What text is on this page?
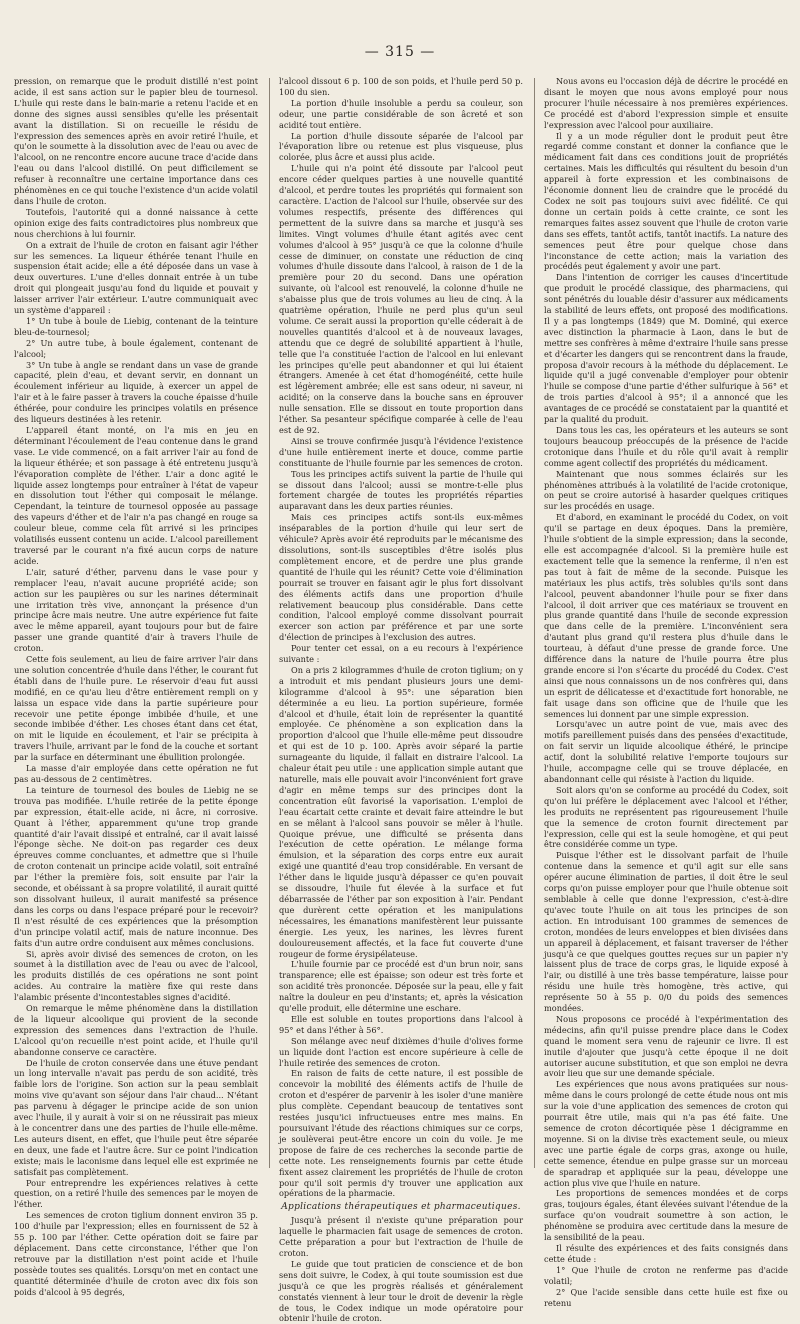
— 315 —

pression, on remarque que le produit distillé n'est point acide, il est sans action sur le papier bleu de tournesol. L'huile qui reste dans le bain-marie a retenu l'acide et en donne des signes aussi sensibles qu'elle les présentait avant la distillation. Si on recueille le résidu de l'expression des semences après en avoir retiré l'huile, et qu'on le soumette à la dissolution avec de l'eau ou avec de l'alcool, on ne rencontre encore aucune trace d'acide dans l'eau ou dans l'alcool distillé. On peut difficilement se refuser à reconnaître une certaine importance dans ces phénomènes en ce qui touche l'existence d'un acide volatil dans l'huile de croton.

Toutefois, l'autorité qui a donné naissance à cette opinion exige des faits contradictoires plus nombreux que nous cherchions à lui fournir.

On a extrait de l'huile de croton en faisant agir l'éther sur les semences. La liqueur éthérée tenant l'huile en suspension était acide; elle a été déposée dans un vase à deux ouvertures. L'une d'elles donnait entrée à un tube droit qui plongeait jusqu'au fond du liquide et pouvait y laisser arriver l'air extérieur. L'autre communiquait avec un système d'appareil :

1° Un tube à boule de Liebig, contenant de la teinture bleu-de-tournesol;

2° Un autre tube, à boule également, contenant de l'alcool;

3° Un tube à angle se rendant dans un vase de grande capacité, plein d'eau, et devant servir, en donnant un écoulement inférieur au liquide, à exercer un appel de l'air et à le faire passer à travers la couche épaisse d'huile éthérée, pour conduire les principes volatils en présence des liqueurs destinées à les retenir.

L'appareil étant monté, on l'a mis en jeu en déterminant l'écoulement de l'eau contenue dans le grand vase. Le vide commencé, on a fait arriver l'air au fond de la liqueur éthérée; et son passage à été entretenu jusqu'à l'évaporation complète de l'éther. L'air a donc agité le liquide assez longtemps pour entraîner à l'état de vapeur en dissolution tout l'éther qui composait le mélange. Cependant, la teinture de tournesol opposée au passage des vapeurs d'éther et de l'air n'a pas changé en rouge sa couleur bleue, comme cela fût arrivé si les principes volatilisés eussent contenu un acide. L'alcool pareillement traversé par le courant n'a fixé aucun corps de nature acide.

L'air, saturé d'éther, parvenu dans le vase pour y remplacer l'eau, n'avait aucune propriété acide; son action sur les paupières ou sur les narines déterminait une irritation très vive, annonçant la présence d'un principe âcre mais neutre. Une autre expérience fut faite avec le même appareil, ayant toujours pour but de faire passer une grande quantité d'air à travers l'huile de croton.

Cette fois seulement, au lieu de faire arriver l'air dans une solution concentrée d'huile dans l'éther, le courant fut établi dans de l'huile pure. Le réservoir d'eau fut aussi modifié, en ce qu'au lieu d'être entièrement rempli on y laissa un espace vide dans la partie supérieure pour recevoir une petite éponge imbibée d'huile, et une seconde imbibée d'éther. Les choses étant dans cet état, on mit le liquide en écoulement, et l'air se précipita à travers l'huile, arrivant par le fond de la couche et sortant par la surface en déterminant une ébullition prolongée.

La masse d'air employée dans cette opération ne fut pas au-dessous de 2 centimètres.

La teinture de tournesol des boules de Liebig ne se trouva pas modifiée. L'huile retirée de la petite éponge par expression, était-elle acide, ni âcre, ni corrosive. Quant à l'éther, apparemment qu'une trop grande quantité d'air l'avait dissipé et entraîné, car il avait laissé l'éponge sèche. Ne doit-on pas regarder ces deux épreuves comme concluantes, et admettre que si l'huile de croton contenait un principe acide volatil, soit entraîné par l'éther la première fois, soit ensuite par l'air la seconde, et obéissant à sa propre volatilité, il aurait quitté son dissolvant huileux, il aurait manifesté sa présence dans les corps ou dans l'espace préparé pour le recevoir? Il n'est résulté de ces expériences que la présomption d'un principe volatil actif, mais de nature inconnue. Des faits d'un autre ordre conduisent aux mêmes conclusions.

Si, après avoir divisé des semences de croton, on les soumet à la distillation avec de l'eau ou avec de l'alcool, les produits distillés de ces opérations ne sont point acides. Au contraire la matière fixe qui reste dans l'alambic présente d'incontestables signes d'acidité.

On remarque le même phénomène dans la distillation de la liqueur alcoolique qui provient de la seconde expression des semences dans l'extraction de l'huile. L'alcool qu'on recueille n'est point acide, et l'huile qu'il abandonne conserve ce caractère.

De l'huile de croton conservée dans une étuve pendant un long intervalle n'avait pas perdu de son acidité, très faible lors de l'origine. Son action sur la peau semblait moins vive qu'avant son séjour dans l'air chaud... N'étant pas parvenu à dégager le principe acide de son union avec l'huile, il y aurait à voir si on ne réussirait pas mieux à le concentrer dans une des parties de l'huile elle-même. Les auteurs disent, en effet, que l'huile peut être séparée en deux, une fade et l'autre âcre. Sur ce point l'indication existe; mais le laconisme dans lequel elle est exprimée ne satisfait pas complètement.

Pour entreprendre les expériences relatives à cette question, on a retiré l'huile des semences par le moyen de l'éther.

Les semences de croton tiglium donnent environ 35 p. 100 d'huile par l'expression; elles en fournissent de 52 à 55 p. 100 par l'éther. Cette opération doit se faire par déplacement. Dans cette circonstance, l'éther que l'on retrouve par la distillation n'est point acide et l'huile possède toutes ses qualités. Lorsqu'on met en contact une quantité déterminée d'huile de croton avec dix fois son poids d'alcool à 95 degrés,

l'alcool dissout 6 p. 100 de son poids, et l'huile perd 50 p. 100 du sien.

La portion d'huile insoluble a perdu sa couleur, son odeur, une partie considérable de son âcreté et son acidité tout entière.

La portion d'huile dissoute séparée de l'alcool par l'évaporation libre ou retenue est plus visqueuse, plus colorée, plus âcre et aussi plus acide.

L'huile qui n'a point été dissoute par l'alcool peut encore céder quelques parties à une nouvelle quantité d'alcool, et perdre toutes les propriétés qui formaient son caractère. L'action de l'alcool sur l'huile, observée sur des volumes respectifs, présente des différences qui permettent de la suivre dans sa marche et jusqu'à ses limites. Vingt volumes d'huile étant agités avec cent volumes d'alcool à 95° jusqu'à ce que la colonne d'huile cesse de diminuer, on constate une réduction de cinq volumes d'huile dissoute dans l'alcool, à raison de 1 de la première pour 20 du second. Dans une opération suivante, où l'alcool est renouvelé, la colonne d'huile ne s'abaisse plus que de trois volumes au lieu de cinq. À la quatrième opération, l'huile ne perd plus qu'un seul volume. Ce serait aussi la proportion qu'elle céderait à de nouvelles quantités d'alcool et à de nouveaux lavages, attendu que ce degré de solubilité appartient à l'huile, telle que l'a constituée l'action de l'alcool en lui enlevant les principes qu'elle peut abandonner et qui lui étaient étrangers. Amenée à cet état d'homogénéité, cette huile est légèrement ambrée; elle est sans odeur, ni saveur, ni acidité; on la conserve dans la bouche sans en éprouver nulle sensation. Elle se dissout en toute proportion dans l'éther. Sa pesanteur spécifique comparée à celle de l'eau est de 92.

Ainsi se trouve confirmée jusqu'à l'évidence l'existence d'une huile entièrement inerte et douce, comme partie constituante de l'huile fournie par les semences de croton.

Tous les principes actifs suivent la partie de l'huile qui se dissout dans l'alcool; aussi se montre-t-elle plus fortement chargée de toutes les propriétés réparties auparavant dans les deux parties réunies.

Mais ces principes actifs sont-ils eux-mêmes inséparables de la portion d'huile qui leur sert de véhicule? Après avoir été reproduits par le mécanisme des dissolutions, sont-ils susceptibles d'être isolés plus complètement encore, et de perdre une plus grande quantité de l'huile qui les réunit? Cette voie d'élimination pourrait se trouver en faisant agir le plus fort dissolvant des éléments actifs dans une proportion d'huile relativement beaucoup plus considérable. Dans cette condition, l'alcool employé comme dissolvant pourrait exercer son action par préférence et par une sorte d'élection de principes à l'exclusion des autres.

Pour tenter cet essai, on a eu recours à l'expérience suivante :

On a pris 2 kilogrammes d'huile de croton tiglium; on y a introduit et mis pendant plusieurs jours une demi-kilogramme d'alcool à 95°: une séparation bien déterminée a eu lieu. La portion supérieure, formée d'alcool et d'huile, était loin de représenter la quantité employée. Ce phénomène a son explication dans la proportion d'alcool que l'huile elle-même peut dissoudre et qui est de 10 p. 100. Après avoir séparé la partie surnageante du liquide, il fallait en distraire l'alcool. La chaleur était peu utile : une application simple autant que naturelle, mais elle pouvait avoir l'inconvénient fort grave d'agir en même temps sur des principes dont la concentration eût favorisé la vaporisation. L'emploi de l'eau écartait cette crainte et devait faire atteindre le but en se mêlant à l'alcool sans pouvoir se mêler à l'huile. Quoique prévue, une difficulté se présenta dans l'exécution de cette opération. Le mélange forma émulsion, et la séparation des corps entre eux aurait exigé une quantité d'eau trop considérable. En versant de l'éther dans le liquide jusqu'à dépasser ce qu'en pouvait se dissoudre, l'huile fut élevée à la surface et fut débarrassée de l'éther par son exposition à l'air. Pendant que durèrent cette opération et les manipulations nécessaires, les émanations manifestèrent leur puissante énergie. Les yeux, les narines, les lèvres furent douloureusement affectés, et la face fut couverte d'une rougeur de forme érysipélateuse.

L'huile fournie par ce procédé est d'un brun noir, sans transparence; elle est épaisse; son odeur est très forte et son acidité très prononcée. Déposée sur la peau, elle y fait naître la douleur en peu d'instants; et, après la vésication qu'elle produit, elle détermine une eschare.

Elle est soluble en toutes proportions dans l'alcool à 95° et dans l'éther à 56°.

Son mélange avec neuf dixièmes d'huile d'olives forme un liquide dont l'action est encore supérieure à celle de l'huile retirée des semences de croton.

En raison de faits de cette nature, il est possible de concevoir la mobilité des éléments actifs de l'huile de croton et d'espérer de parvenir à les isoler d'une manière plus complète. Cependant beaucoup de tentatives sont restées jusqu'ici infructueuses entre mes mains. En poursuivant l'étude des réactions chimiques sur ce corps, je soulèverai peut-être encore un coin du voile. Je me propose de faire de ces recherches la seconde partie de cette note. Les renseignements fournis par cette étude fixent assez clairement les propriétés de l'huile de croton pour qu'il soit permis d'y trouver une application aux opérations de la pharmacie.

Applications thérapeutiques et pharmaceutiques.

Jusqu'à présent il n'existe qu'une préparation pour laquelle le pharmacien fait usage de semences de croton. Cette préparation a pour but l'extraction de l'huile de croton.

Le guide que tout praticien de conscience et de bon sens doit suivre, le Codex, à qui toute soumission est due jusqu'à ce que les progrès réalisés et généralement constatés viennent à leur tour le droit de devenir la règle de tous, le Codex indique un mode opératoire pour obtenir l'huile de croton.

Nous avons eu l'occasion déjà de décrire le procédé en disant le moyen que nous avons employé pour nous procurer l'huile nécessaire à nos premières expériences. Ce procédé est d'abord l'expression simple et ensuite l'expression avec l'alcool pour auxiliaire.

Il y a un mode régulier dont le produit peut être regardé comme constant et donner la confiance que le médicament fait dans ces conditions jouit de propriétés certaines. Mais les difficultés qui résultent du besoin d'un appareil à forte expression et les combinaisons de l'économie donnent lieu de craindre que le procédé du Codex ne soit pas toujours suivi avec fidélité. Ce qui donne un certain poids à cette crainte, ce sont les remarques faites assez souvent que l'huile de croton varie dans ses effets, tantôt actifs, tantôt inactifs. La nature des semences peut être pour quelque chose dans l'inconstance de cette action; mais la variation des procédés peut également y avoir une part.

Dans l'intention de corriger les causes d'incertitude que produit le procédé classique, des pharmaciens, qui sont pénétrés du louable désir d'assurer aux médicaments la stabilité de leurs effets, ont proposé des modifications. Il y a pas longtemps (1849) que M. Dominé, qui exerce avec distinction la pharmacie à Laon, dans le but de mettre ses confrères à même d'extraire l'huile sans presse et d'écarter les dangers qui se rencontrent dans la fraude, proposa d'avoir recours à la méthode du déplacement. Le liquide qu'il a jugé convenable d'employer pour obtenir l'huile se compose d'une partie d'éther sulfurique à 56° et de trois parties d'alcool à 95°; il a annoncé que les avantages de ce procédé se constataient par la quantité et par la qualité du produit.

Dans tous les cas, les opérateurs et les auteurs se sont toujours beaucoup préoccupés de la présence de l'acide crotonique dans l'huile et du rôle qu'il avait à remplir comme agent collectif des propriétés du médicament.

Maintenant que nous sommes éclairés sur les phénomènes attribués à la volatilité de l'acide crotonique, on peut se croire autorisé à hasarder quelques critiques sur les procédés en usage.

Et d'abord, en examinant le procédé du Codex, on voit qu'il se partage en deux époques. Dans la première, l'huile s'obtient de la simple expression; dans la seconde, elle est accompagnée d'alcool. Si la première huile est exactement telle que la semence la renferme, il n'en est pas tout à fait de même de la seconde. Puisque les matériaux les plus actifs, très solubles qu'ils sont dans l'alcool, peuvent abandonner l'huile pour se fixer dans l'alcool, il doit arriver que ces matériaux se trouvent en plus grande quantité dans l'huile de seconde expression que dans celle de la première. L'inconvénient sera d'autant plus grand qu'il restera plus d'huile dans le tourteau, à défaut d'une presse de grande force. Une différence dans la nature de l'huile pourra être plus grande encore si l'on s'écarte du procédé du Codex. C'est ainsi que nous connaissons un de nos confrères qui, dans un esprit de délicatesse et d'exactitude fort honorable, ne fait usage dans son officine que de l'huile que les semences lui donnent par une simple expression.

Lorsqu'avec un autre point de vue, mais avec des motifs pareillement puisés dans des pensées d'exactitude, on fait servir un liquide alcoolique éthéré, le principe actif, dont la solubilité relative l'emporte toujours sur l'huile, accompagne celle qui se trouve déplacée, en abandonnant celle qui résiste à l'action du liquide.

Soit alors qu'on se conforme au procédé du Codex, soit qu'on lui préfère le déplacement avec l'alcool et l'éther, les produits ne représentent pas rigoureusement l'huile que la semence de croton fournit directement par l'expression, celle qui est la seule homogène, et qui peut être considérée comme un type.

Puisque l'éther est le dissolvant parfait de l'huile contenue dans la semence et qu'il agit sur elle sans opérer aucune élimination de parties, il doit être le seul corps qu'on puisse employer pour que l'huile obtenue soit semblable à celle que donne l'expression, c'est-à-dire qu'avec toute l'huile on ait tous les principes de son action. En introduisant 100 grammes de semences de croton, mondées de leurs enveloppes et bien divisées dans un appareil à déplacement, et faisant traverser de l'éther jusqu'à ce que quelques gouttes reçues sur un papier n'y laissent plus de trace de corps gras, le liquide exposé à l'air, ou distillé à une très basse température, laisse pour résidu une huile très homogène, très active, qui représente 50 à 55 p. 0/0 du poids des semences mondées.

Nous proposons ce procédé à l'expérimentation des médecins, afin qu'il puisse prendre place dans le Codex quand le moment sera venu de rajeunir ce livre. Il est inutile d'ajouter que jusqu'à cette époque il ne doit autoriser aucune substitution, et que son emploi ne devra avoir lieu que sur une demande spéciale.

Les expériences que nous avons pratiquées sur nous-même dans le cours prolongé de cette étude nous ont mis sur la voie d'une application des semences de croton qui pourrait être utile, mais qui n'a pas été faite. Une semence de croton décortiquée pèse 1 décigramme en moyenne. Si on la divise très exactement seule, ou mieux avec une partie égale de corps gras, axonge ou huile, cette semence, étendue en pulpe grasse sur un morceau de sparadrap et appliquée sur la peau, développe une action plus vive que l'huile en nature.

Les proportions de semences mondées et de corps gras, toujours égales, étant élevées suivant l'étendue de la surface qu'on voudrait soumettre à son action, le phénomène se produira avec certitude dans la mesure de la sensibilité de la peau.

Il résulte des expériences et des faits consignés dans cette étude :

1° Que l'huile de croton ne renferme pas d'acide volatil;

2° Que l'acide sensible dans cette huile est fixe ou retenu
